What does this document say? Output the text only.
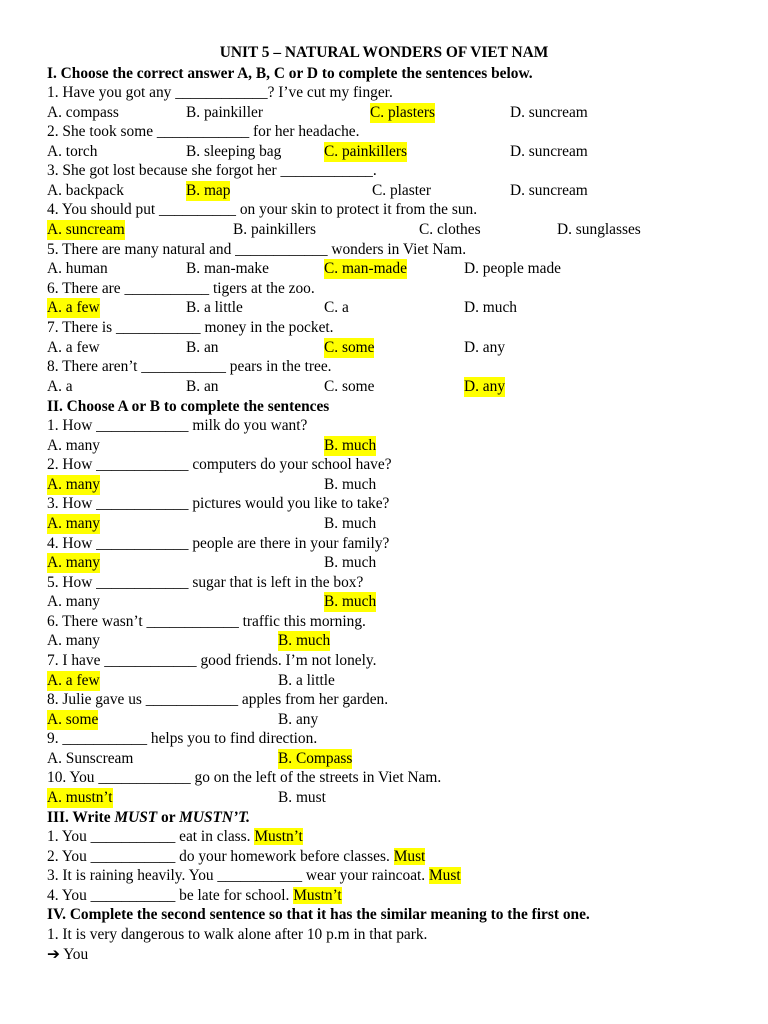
UNIT 5 – NATURAL WONDERS OF VIET NAM
I. Choose the correct answer A, B, C or D to complete the sentences below.
1. Have you got any ____________? I’ve cut my finger.
A. compass	B. painkiller	C. plasters	D. suncream
2. She took some ____________ for her headache.
A. torch	B. sleeping bag	C. painkillers	D. suncream
3. She got lost because she forgot her ____________.
A. backpack	B. map	C. plaster	D. suncream
4. You should put __________ on your skin to protect it from the sun.
A. suncream	B. painkillers	C. clothes	D. sunglasses
5. There are many natural and ____________ wonders in Viet Nam.
A. human	B. man-make	C. man-made	D. people made
6. There are ___________ tigers at the zoo.
A. a few	B. a little	C. a	D. much
7. There is ___________ money in the pocket.
A. a few	B. an	C. some	D. any
8. There aren’t ___________ pears in the tree.
A. a	B. an	C. some	D. any
II. Choose A or B to complete the sentences
1. How ____________ milk do you want?
A. many	B. much
2. How ____________ computers do your school have?
A. many	B. much
3. How ____________ pictures would you like to take?
A. many	B. much
4. How ____________ people are there in your family?
A. many	B. much
5. How ____________ sugar that is left in the box?
A. many	B. much
6. There wasn’t ____________ traffic this morning.
A. many	B. much
7. I have ____________ good friends. I’m not lonely.
A. a few	B. a little
8. Julie gave us ____________ apples from her garden.
A. some	B. any
9. ___________ helps you to find direction.
A. Sunscream	B. Compass
10. You ____________ go on the left of the streets in Viet Nam.
A. mustn’t	B. must
III. Write MUST or MUSTN’T.
1. You ___________ eat in class. Mustn’t
2. You ___________ do your homework before classes. Must
3. It is raining heavily. You ___________ wear your raincoat. Must
4. You ___________ be late for school. Mustn’t
IV. Complete the second sentence so that it has the similar meaning to the first one.
1. It is very dangerous to walk alone after 10 p.m in that park.
➔ You
